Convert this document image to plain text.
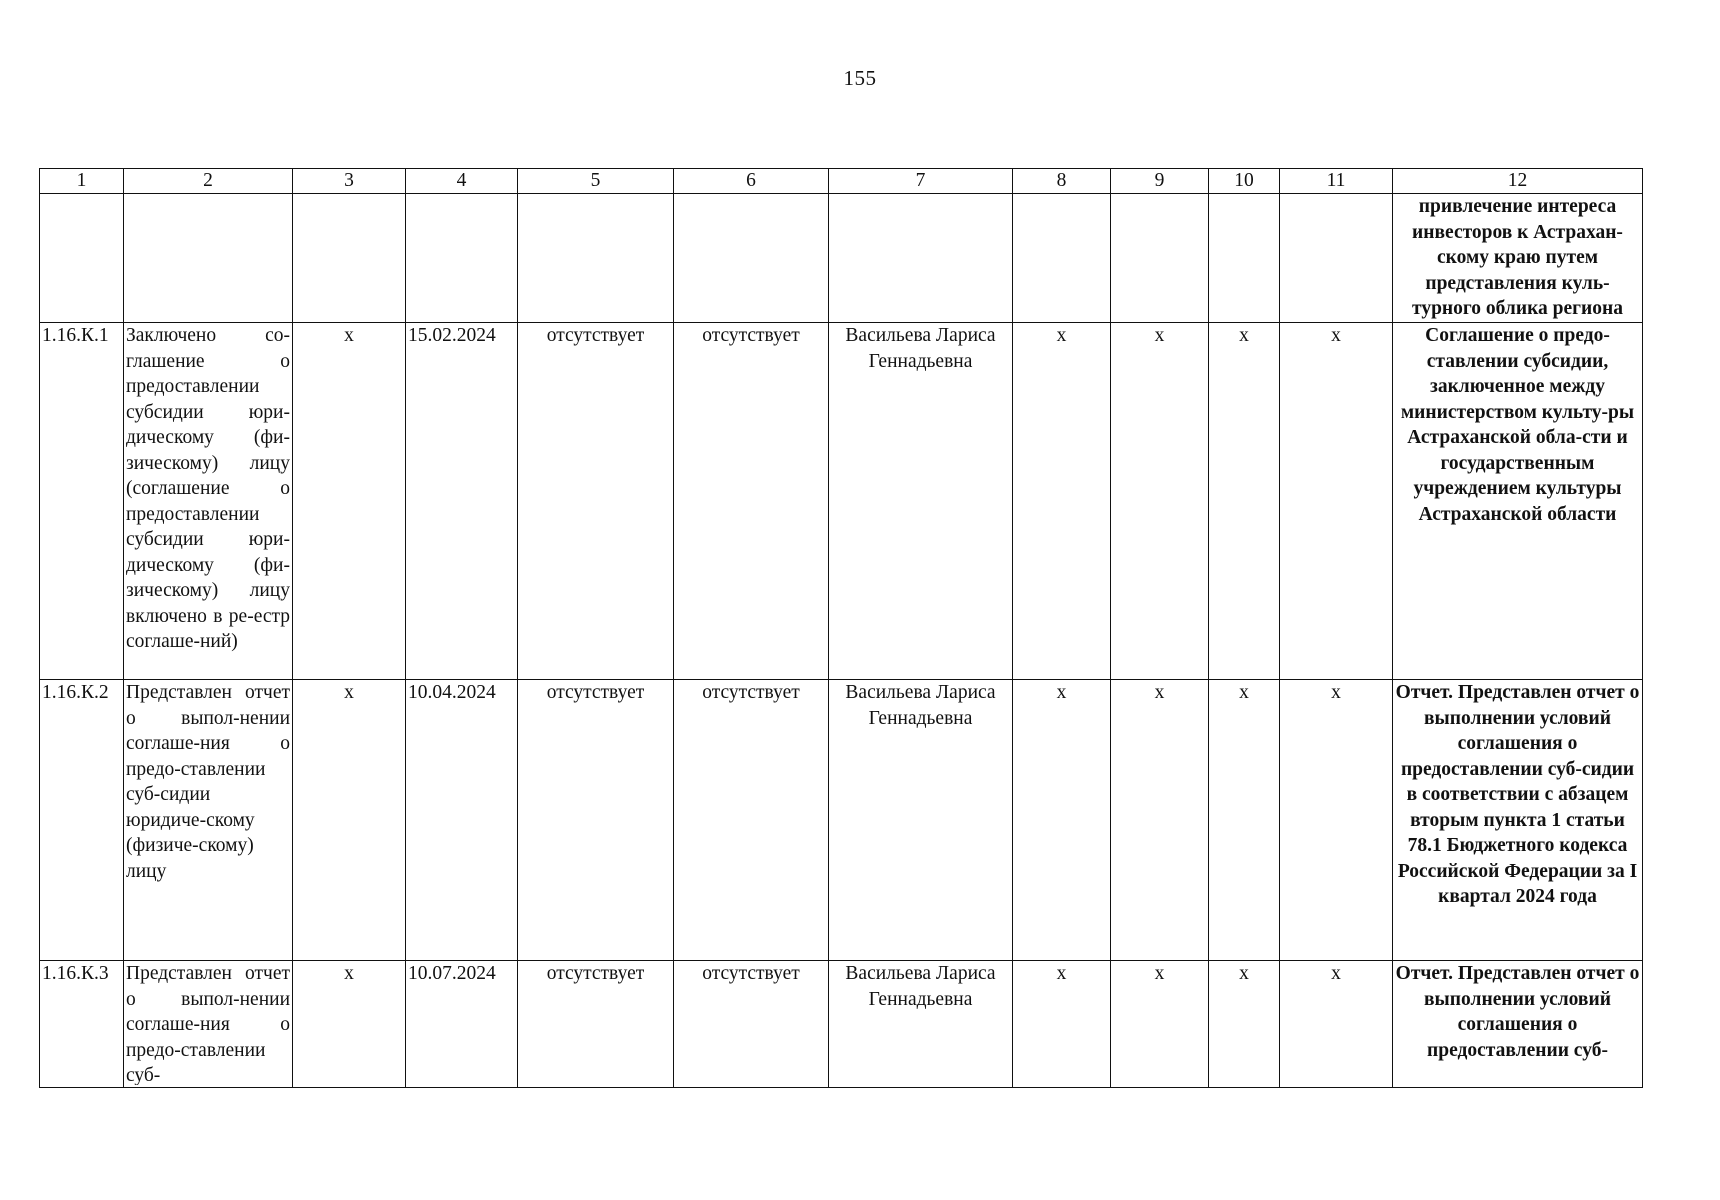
155
1	2	3	4	5	6	7	8	9	10	11	12
											привлечение интереса инвесторов к Астрахан-скому краю путем представления куль-турного облика региона
1.16.К.1	Заключено со-глашение о предоставлении субсидии юри-дическому (фи-зическому) лицу (соглашение о предоставлении субсидии юри-дическому (фи-зическому) лицу включено в ре-естр соглаше-ний)	x	15.02.2024	отсутствует	отсутствует	Васильева Лариса Геннадьевна	x	x	x	x	Соглашение о предо-ставлении субсидии, заключенное между министерством культу-ры Астраханской обла-сти и государственным учреждением культуры Астраханской области
1.16.К.2	Представлен отчет о выпол-нении соглаше-ния о предо-ставлении суб-сидии юридиче-скому (физиче-скому) лицу	x	10.04.2024	отсутствует	отсутствует	Васильева Лариса Геннадьевна	x	x	x	x	Отчет. Представлен отчет о выполнении условий соглашения о предоставлении суб-сидии в соответствии с абзацем вторым пункта 1 статьи 78.1 Бюджетного кодекса Российской Федерации за I квартал 2024 года
1.16.К.3	Представлен отчет о выпол-нении соглаше-ния о предо-ставлении суб-	x	10.07.2024	отсутствует	отсутствует	Васильева Лариса Геннадьевна	x	x	x	x	Отчет. Представлен отчет о выполнении условий соглашения о предоставлении суб-
